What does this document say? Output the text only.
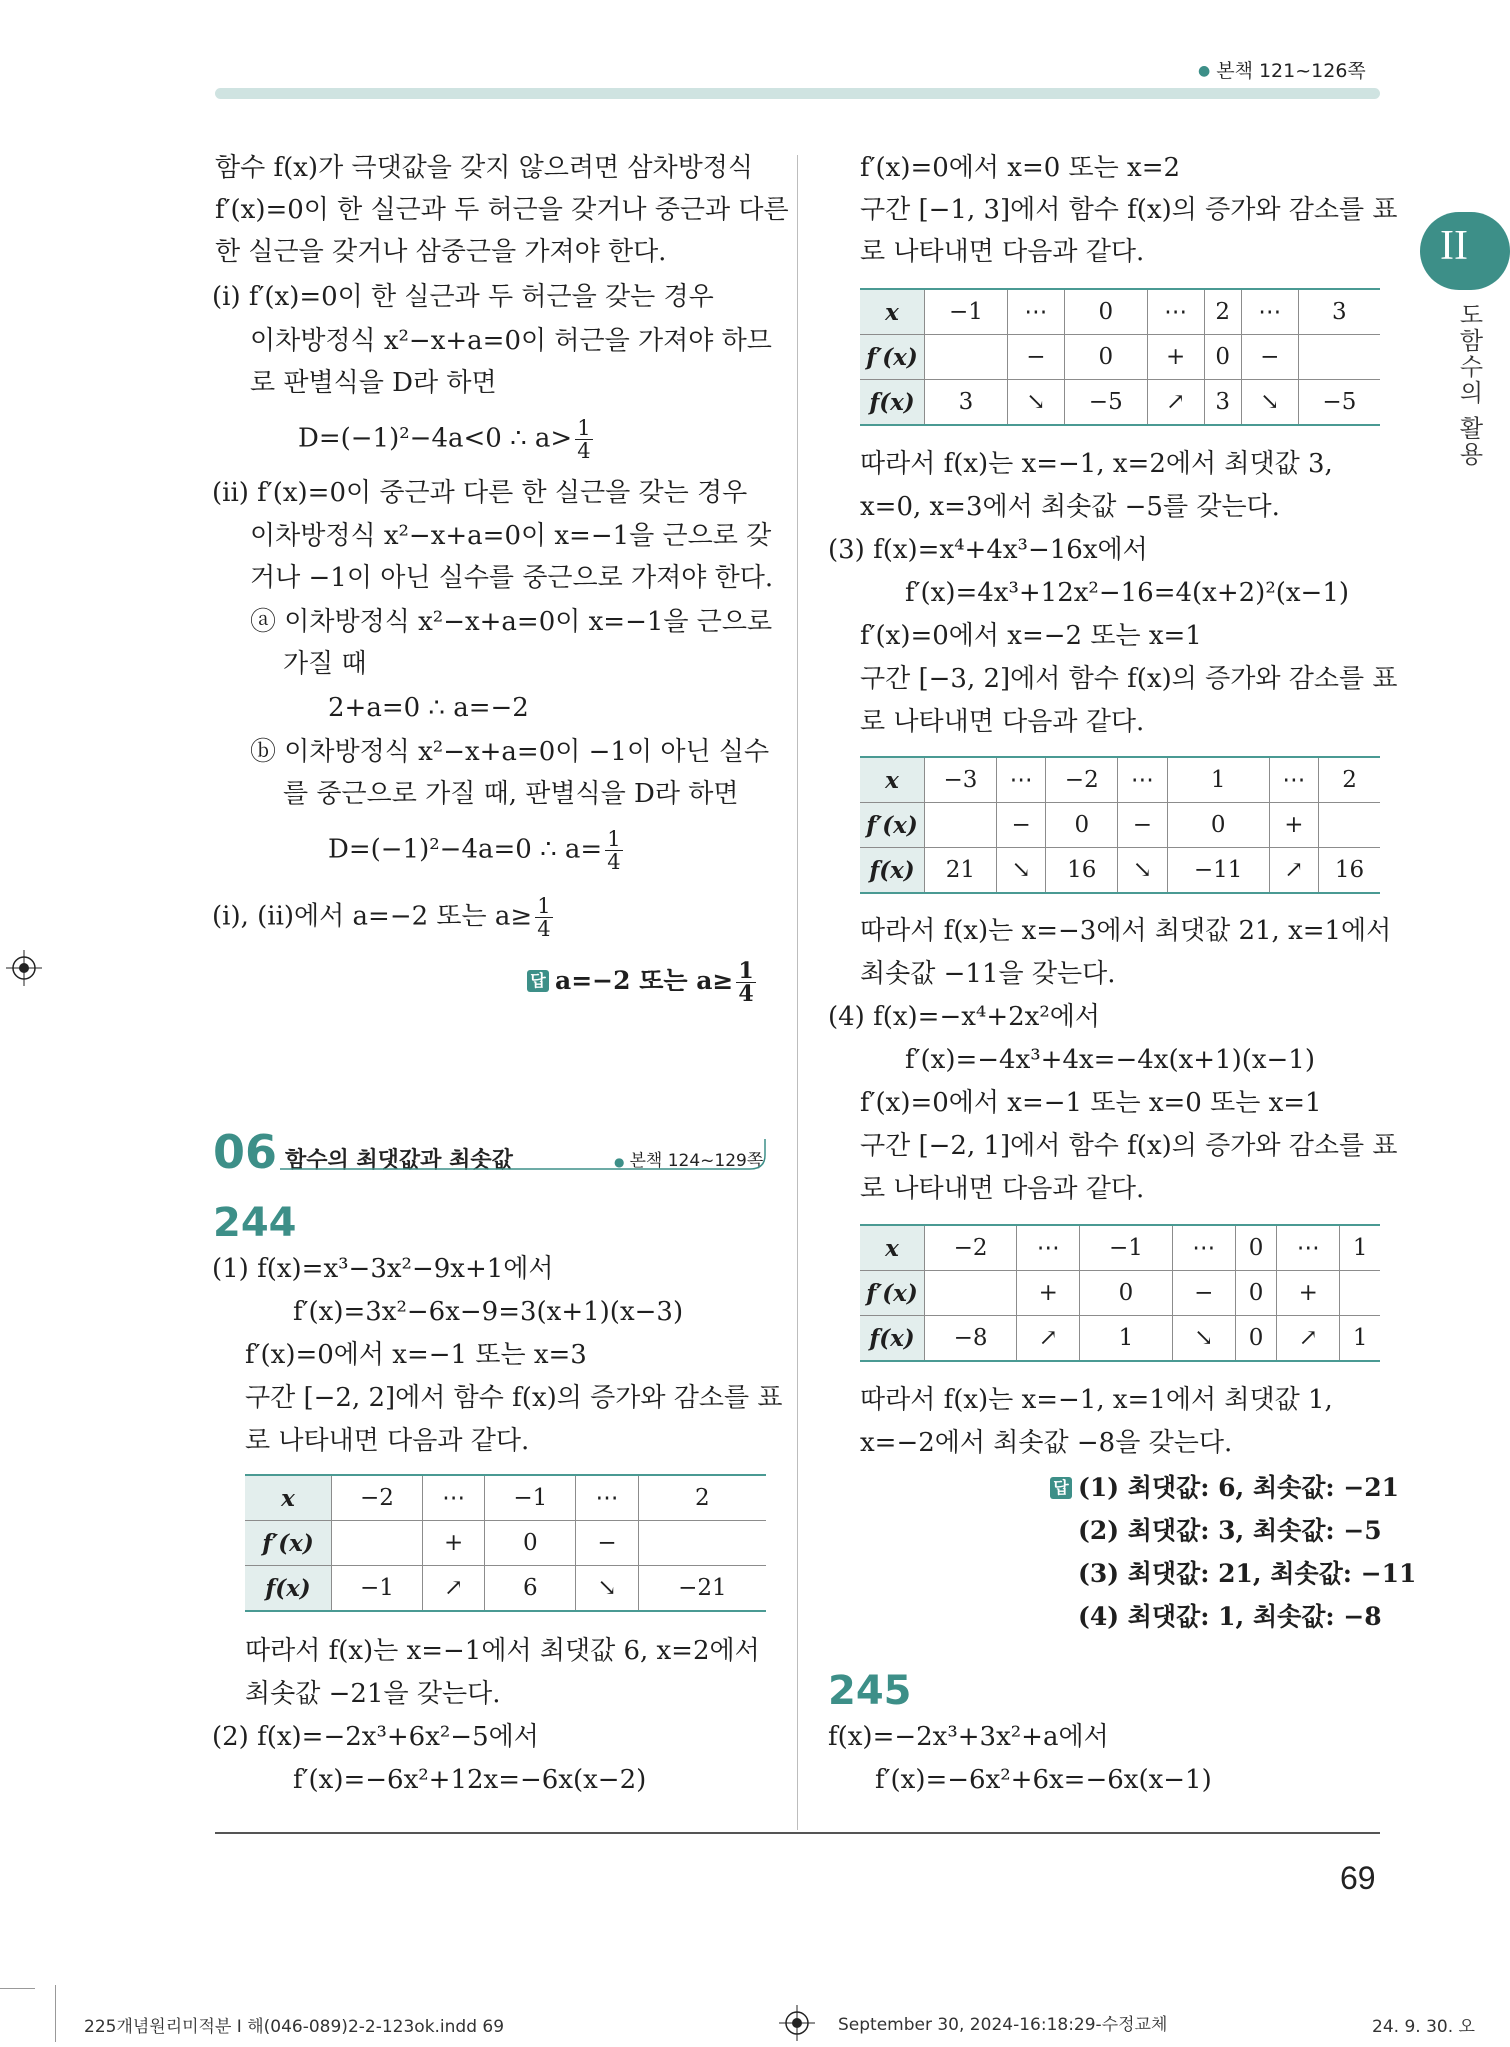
● 본책 121~126쪽
II
도함수의 활용
함수 f(x)가 극댓값을 갖지 않으려면 삼차방정식
f′(x)=0이 한 실근과 두 허근을 갖거나 중근과 다른
한 실근을 갖거나 삼중근을 가져야 한다.
(i) f′(x)=0이 한 실근과 두 허근을 갖는 경우
이차방정식 x²−x+a=0이 허근을 가져야 하므
로 판별식을 D라 하면
D=(−1)²−4a<0 ∴ $a> \frac{1}{4}$
(ii) f′(x)=0이 중근과 다른 한 실근을 갖는 경우
이차방정식 x²−x+a=0이 x=−1을 근으로 갖
거나 −1이 아닌 실수를 중근으로 가져야 한다.
ⓐ 이차방정식 x²−x+a=0이 x=−1을 근으로
가질 때
2+a=0 ∴ a=−2
ⓑ 이차방정식 x²−x+a=0이 −1이 아닌 실수
를 중근으로 가질 때, 판별식을 D라 하면
D=(−1)²−4a=0 ∴ $a= \frac{1}{4}$
(i), (ii)에서 a=−2 또는 $a\ge \frac{1}{4}$
답 a=−2 또는 $a\ge \frac{1}{4}$
06 함수의 최댓값과 최솟값	● 본책 124~129쪽
244
(1) f(x)=x³−3x²−9x+1에서
f′(x)=3x²−6x−9=3(x+1)(x−3)
f′(x)=0에서 x=−1 또는 x=3
구간 [−2, 2]에서 함수 f(x)의 증가와 감소를 표
로 나타내면 다음과 같다.
x	−2	⋯	−1	⋯	2
f′(x)		+	0	−	
f(x)	−1	↗	6	↘	−21
따라서 f(x)는 x=−1에서 최댓값 6, x=2에서
최솟값 −21을 갖는다.
(2) f(x)=−2x³+6x²−5에서
f′(x)=−6x²+12x=−6x(x−2)
f′(x)=0에서 x=0 또는 x=2
구간 [−1, 3]에서 함수 f(x)의 증가와 감소를 표
로 나타내면 다음과 같다.
x	−1	⋯	0	⋯	2	⋯	3
f′(x)		−	0	+	0	−	
f(x)	3	↘	−5	↗	3	↘	−5
따라서 f(x)는 x=−1, x=2에서 최댓값 3,
x=0, x=3에서 최솟값 −5를 갖는다.
(3) f(x)=x⁴+4x³−16x에서
f′(x)=4x³+12x²−16=4(x+2)²(x−1)
f′(x)=0에서 x=−2 또는 x=1
구간 [−3, 2]에서 함수 f(x)의 증가와 감소를 표
로 나타내면 다음과 같다.
x	−3	⋯	−2	⋯	1	⋯	2
f′(x)		−	0	−	0	+	
f(x)	21	↘	16	↘	−11	↗	16
따라서 f(x)는 x=−3에서 최댓값 21, x=1에서
최솟값 −11을 갖는다.
(4) f(x)=−x⁴+2x²에서
f′(x)=−4x³+4x=−4x(x+1)(x−1)
f′(x)=0에서 x=−1 또는 x=0 또는 x=1
구간 [−2, 1]에서 함수 f(x)의 증가와 감소를 표
로 나타내면 다음과 같다.
x	−2	⋯	−1	⋯	0	⋯	1
f′(x)		+	0	−	0	+	
f(x)	−8	↗	1	↘	0	↗	1
따라서 f(x)는 x=−1, x=1에서 최댓값 1,
x=−2에서 최솟값 −8을 갖는다.
답 (1) 최댓값: 6, 최솟값: −21
(2) 최댓값: 3, 최솟값: −5
(3) 최댓값: 21, 최솟값: −11
(4) 최댓값: 1, 최솟값: −8
245
f(x)=−2x³+3x²+a에서
f′(x)=−6x²+6x=−6x(x−1)
69
225개념원리미적분 I 해(046-089)2-2-123ok.indd 69	September 30, 2024-16:18:29-수정교체	24. 9. 30. 오
